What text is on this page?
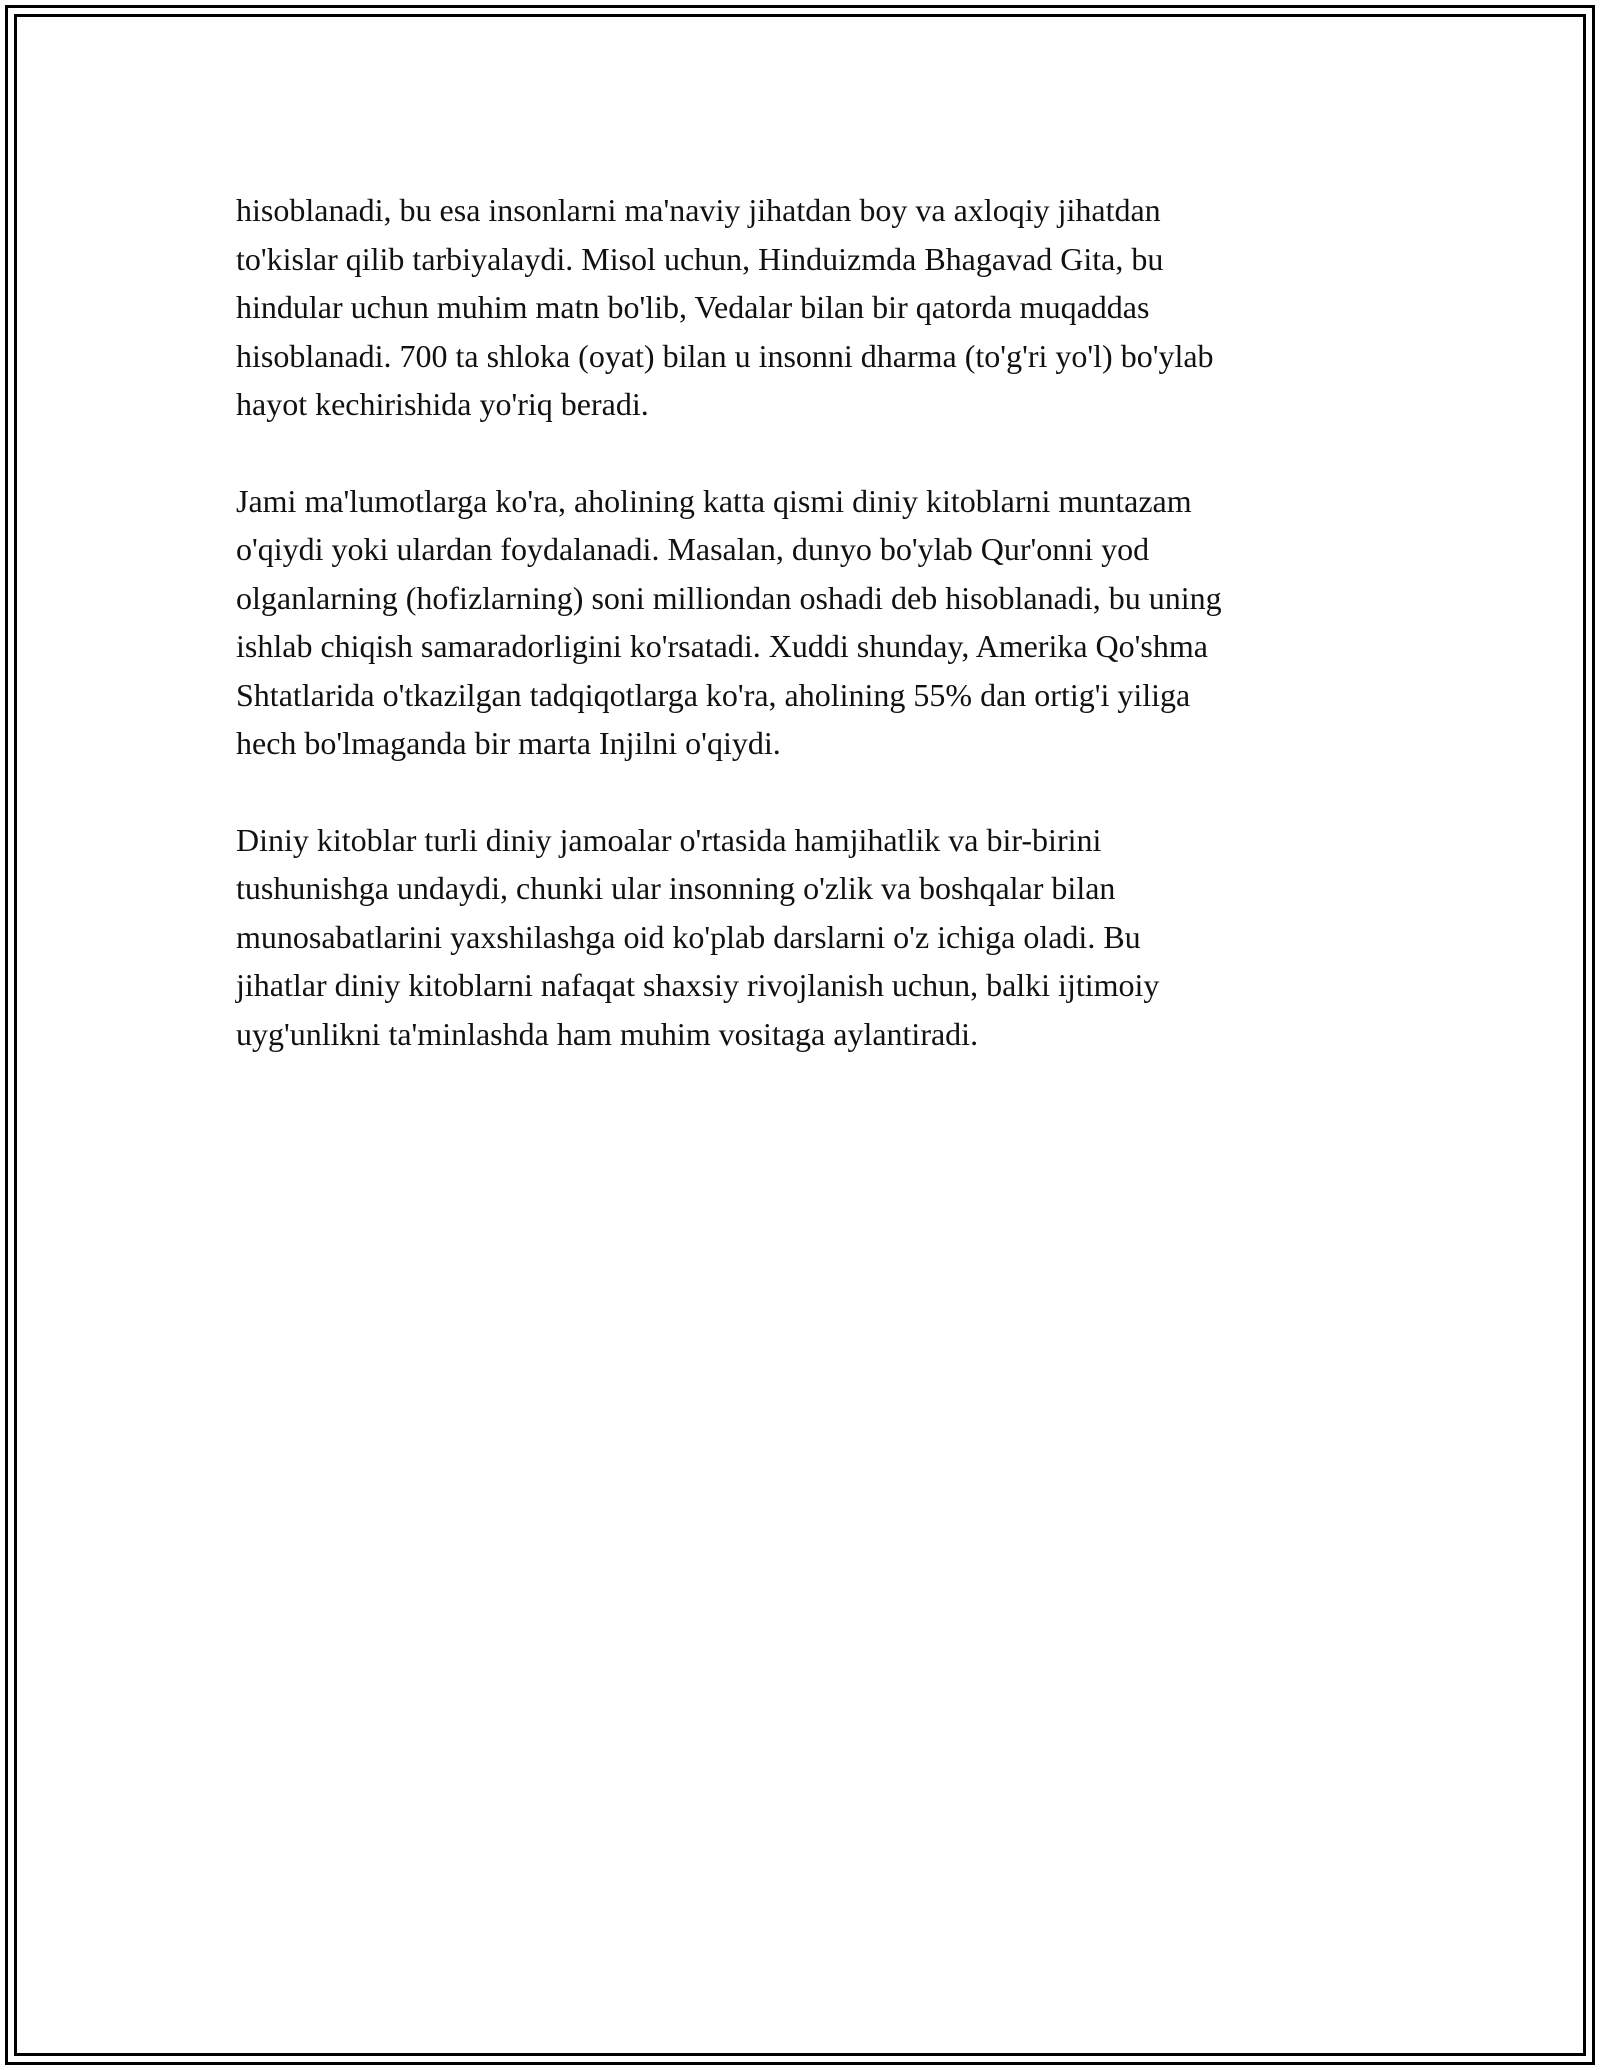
hisoblanadi, bu esa insonlarni ma'naviy jihatdan boy va axloqiy jihatdan
to'kislar qilib tarbiyalaydi. Misol uchun, Hinduizmda Bhagavad Gita, bu
hindular uchun muhim matn bo'lib, Vedalar bilan bir qatorda muqaddas
hisoblanadi. 700 ta shloka (oyat) bilan u insonni dharma (to'g'ri yo'l) bo'ylab
hayot kechirishida yo'riq beradi.

Jami ma'lumotlarga ko'ra, aholining katta qismi diniy kitoblarni muntazam
o'qiydi yoki ulardan foydalanadi. Masalan, dunyo bo'ylab Qur'onni yod
olganlarning (hofizlarning) soni milliondan oshadi deb hisoblanadi, bu uning
ishlab chiqish samaradorligini ko'rsatadi. Xuddi shunday, Amerika Qo'shma
Shtatlarida o'tkazilgan tadqiqotlarga ko'ra, aholining 55% dan ortig'i yiliga
hech bo'lmaganda bir marta Injilni o'qiydi.

Diniy kitoblar turli diniy jamoalar o'rtasida hamjihatlik va bir-birini
tushunishga undaydi, chunki ular insonning o'zlik va boshqalar bilan
munosabatlarini yaxshilashga oid ko'plab darslarni o'z ichiga oladi. Bu
jihatlar diniy kitoblarni nafaqat shaxsiy rivojlanish uchun, balki ijtimoiy
uyg'unlikni ta'minlashda ham muhim vositaga aylantiradi.
